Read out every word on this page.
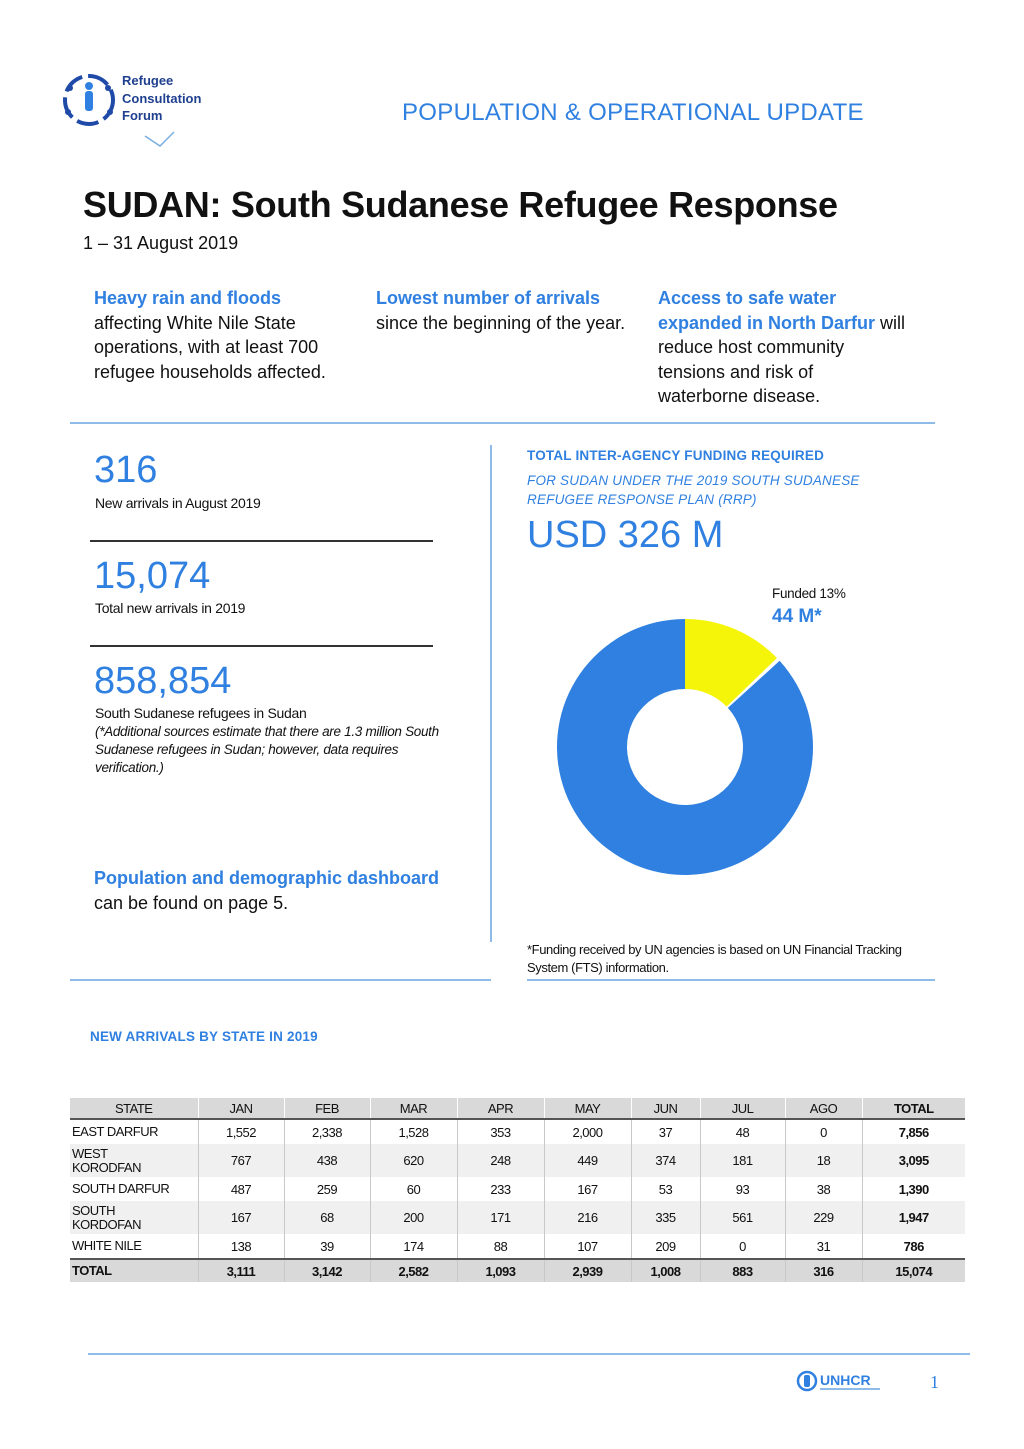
Refugee
Consultation
Forum	POPULATION & OPERATIONAL UPDATE
SUDAN: South Sudanese Refugee Response
1 – 31 August 2019
Heavy rain and floods affecting White Nile State operations, with at least 700 refugee households affected.
Lowest number of arrivals since the beginning of the year.
Access to safe water expanded in North Darfur will reduce host community tensions and risk of waterborne disease.
316
New arrivals in August 2019
15,074
Total new arrivals in 2019
858,854
South Sudanese refugees in Sudan
(*Additional sources estimate that there are 1.3 million South Sudanese refugees in Sudan; however, data requires verification.)
Population and demographic dashboard can be found on page 5.
TOTAL INTER-AGENCY FUNDING REQUIRED
FOR SUDAN UNDER THE 2019 SOUTH SUDANESE REFUGEE RESPONSE PLAN (RRP)
USD 326 M
Funded 13%
44 M*
*Funding received by UN agencies is based on UN Financial Tracking System (FTS) information.
NEW ARRIVALS BY STATE IN 2019
STATE	JAN	FEB	MAR	APR	MAY	JUN	JUL	AGO	TOTAL
EAST DARFUR	1,552	2,338	1,528	353	2,000	37	48	0	7,856
WEST KORODFAN	767	438	620	248	449	374	181	18	3,095
SOUTH DARFUR	487	259	60	233	167	53	93	38	1,390
SOUTH KORDOFAN	167	68	200	171	216	335	561	229	1,947
WHITE NILE	138	39	174	88	107	209	0	31	786
TOTAL	3,111	3,142	2,582	1,093	2,939	1,008	883	316	15,074
UNHCR	1
